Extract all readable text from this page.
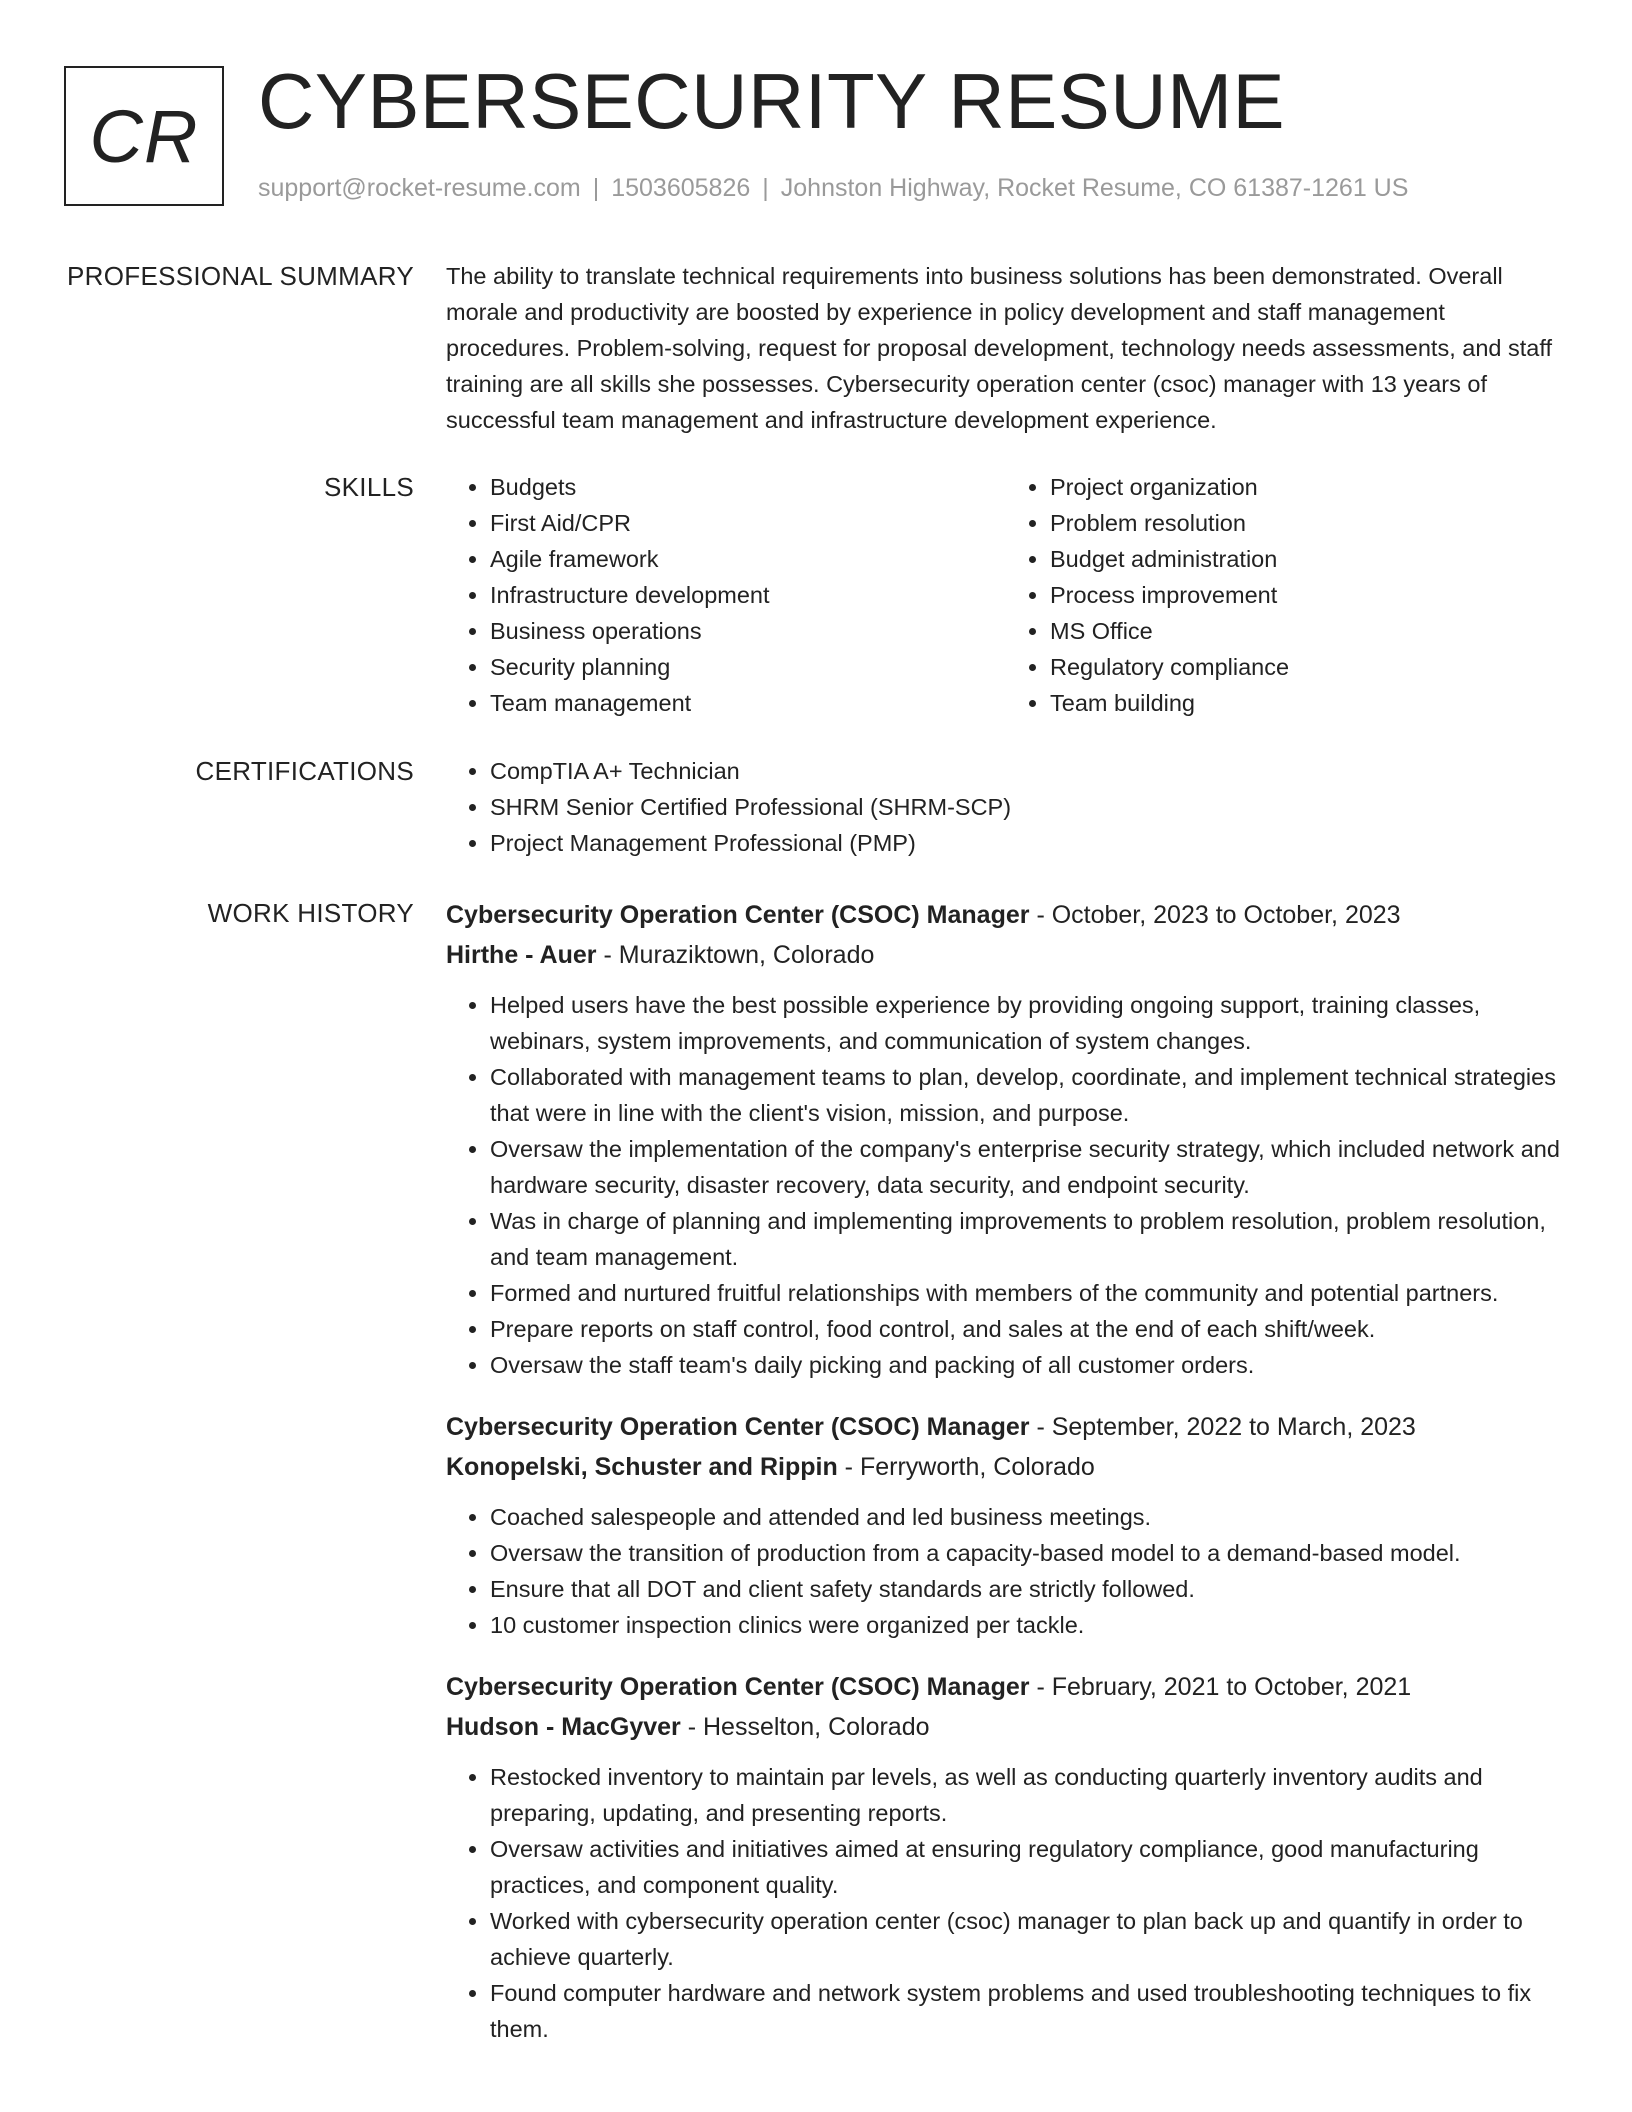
CR CYBERSECURITY RESUME
support@rocket-resume.com | 1503605826 | Johnston Highway, Rocket Resume, CO 61387-1261 US
PROFESSIONAL SUMMARY The ability to translate technical requirements into business solutions has been demonstrated. Overall morale and productivity are boosted by experience in policy development and staff management procedures. Problem-solving, request for proposal development, technology needs assessments, and staff training are all skills she possesses. Cybersecurity operation center (csoc) manager with 13 years of successful team management and infrastructure development experience.

SKILLS	• Budgets
• First Aid/CPR
• Agile framework
• Infrastructure development
• Business operations
• Security planning
• Team management
• Project organization
• Problem resolution
• Budget administration
• Process improvement
• MS Office
• Regulatory compliance
• Team building
CERTIFICATIONS	• CompTIA A+ Technician
• SHRM Senior Certified Professional (SHRM-SCP)
• Project Management Professional (PMP)
WORK HISTORY Cybersecurity Operation Center (CSOC) Manager - October, 2023 to October, 2023
Hirthe - Auer - Muraziktown, Colorado
• Helped users have the best possible experience by providing ongoing support, training classes, webinars, system improvements, and communication of system changes.
• Collaborated with management teams to plan, develop, coordinate, and implement technical strategies that were in line with the client's vision, mission, and purpose.
• Oversaw the implementation of the company's enterprise security strategy, which included network and hardware security, disaster recovery, data security, and endpoint security.
• Was in charge of planning and implementing improvements to problem resolution, problem resolution, and team management.
• Formed and nurtured fruitful relationships with members of the community and potential partners.
• Prepare reports on staff control, food control, and sales at the end of each shift/week.
• Oversaw the staff team's daily picking and packing of all customer orders.
Cybersecurity Operation Center (CSOC) Manager - September, 2022 to March, 2023
Konopelski, Schuster and Rippin - Ferryworth, Colorado
• Coached salespeople and attended and led business meetings.
• Oversaw the transition of production from a capacity-based model to a demand-based model.
• Ensure that all DOT and client safety standards are strictly followed.
• 10 customer inspection clinics were organized per tackle.
Cybersecurity Operation Center (CSOC) Manager - February, 2021 to October, 2021
Hudson - MacGyver - Hesselton, Colorado
• Restocked inventory to maintain par levels, as well as conducting quarterly inventory audits and preparing, updating, and presenting reports.
• Oversaw activities and initiatives aimed at ensuring regulatory compliance, good manufacturing practices, and component quality.
• Worked with cybersecurity operation center (csoc) manager to plan back up and quantify in order to achieve quarterly.
• Found computer hardware and network system problems and used troubleshooting techniques to fix them.
